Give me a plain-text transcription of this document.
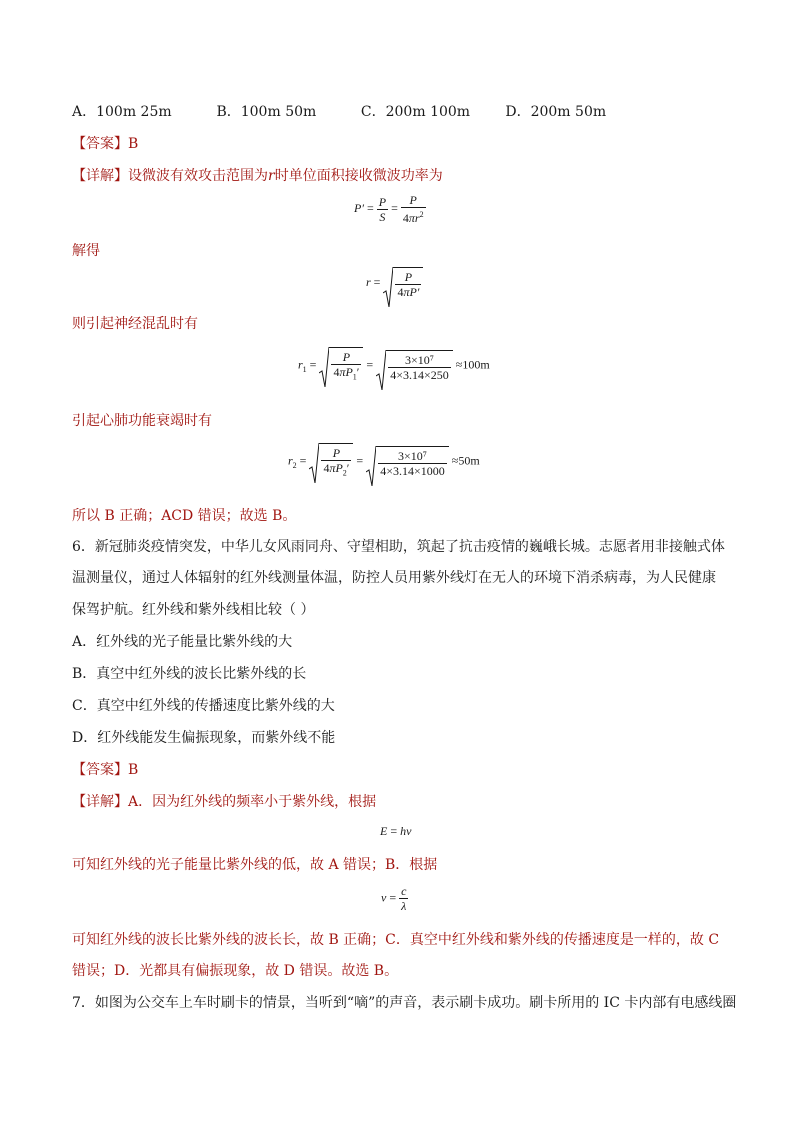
A．100m 25m	B．100m 50m	C．200m 100m	D．200m 50m
【答案】B
【详解】设微波有效攻击范围为r时单位面积接收微波功率为
$P' = \frac{P}{S} = \frac{P}{4\pi r^2}$
解得
$r = \frac{P}{4\pi P'}$
则引起神经混乱时有
$r_1 = \frac{P}{4\pi P_1'} = \frac{\text{3×10⁷}}{4\times 3.14\times 250} \approx 100m$
引起心肺功能衰竭时有
$r_2 = \frac{P}{4\pi P_2'} = \frac{\text{3×10⁷}}{4\times 3.14\times 1000} \approx 50m$
所以 B 正确；ACD 错误；故选 B。
6．新冠肺炎疫情突发，中华儿女风雨同舟、守望相助，筑起了抗击疫情的巍峨长城。志愿者用非接触式体
温测量仪，通过人体辐射的红外线测量体温，防控人员用紫外线灯在无人的环境下消杀病毒，为人民健康
保驾护航。红外线和紫外线相比较（ ）
A．红外线的光子能量比紫外线的大
B．真空中红外线的波长比紫外线的长
C．真空中红外线的传播速度比紫外线的大
D．红外线能发生偏振现象，而紫外线不能
【答案】B
【详解】A．因为红外线的频率小于紫外线，根据
E = hν
可知红外线的光子能量比紫外线的低，故 A 错误；B．根据
$\nu = \frac{c}{\lambda}$
可知红外线的波长比紫外线的波长长，故 B 正确；C．真空中红外线和紫外线的传播速度是一样的，故 C
错误；D．光都具有偏振现象，故 D 错误。故选 B。
7．如图为公交车上车时刷卡的情景，当听到“嘀”的声音，表示刷卡成功。刷卡所用的 IC 卡内部有电感线圈
